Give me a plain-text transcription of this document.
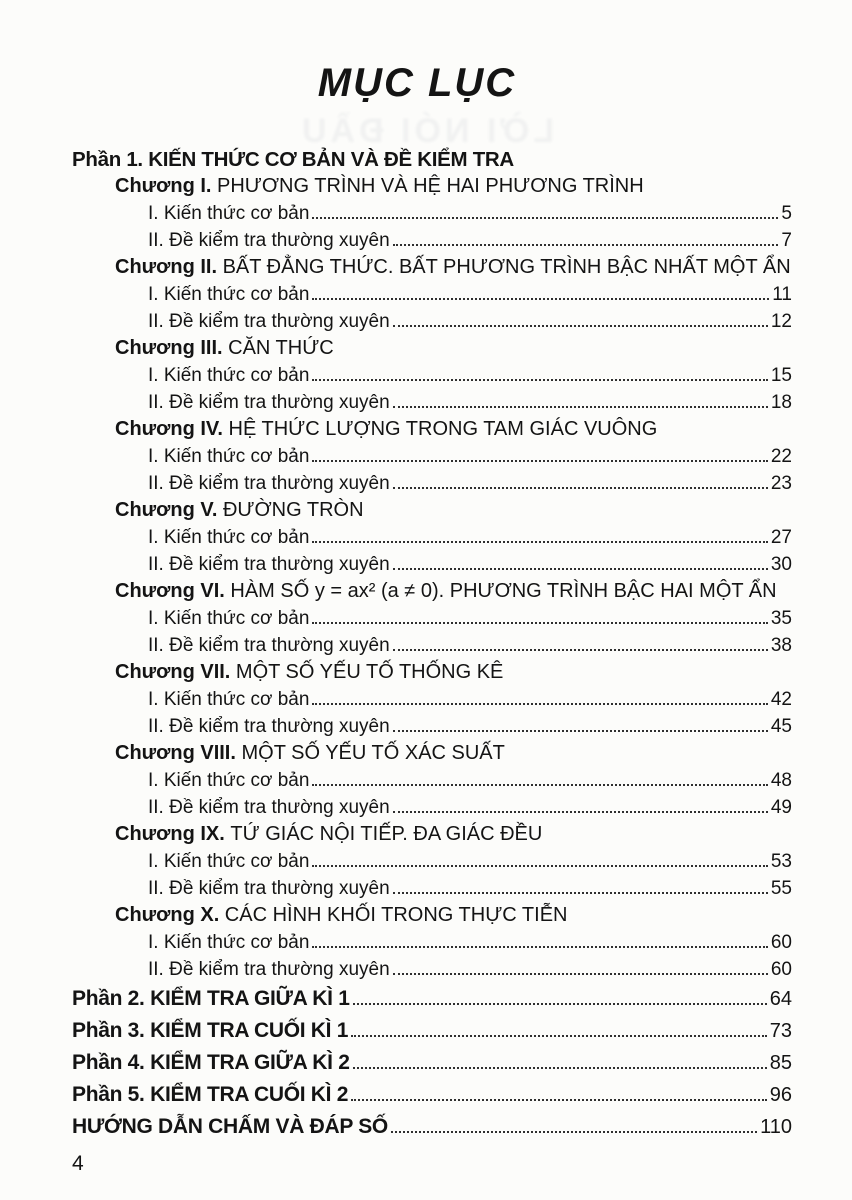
LỜI NÓI ĐẦU
MỤC LỤC
Phần 1. KIẾN THỨC CƠ BẢN VÀ ĐỀ KIỂM TRA
Chương I. PHƯƠNG TRÌNH VÀ HỆ HAI PHƯƠNG TRÌNH
I. Kiến thức cơ bản	5
II. Đề kiểm tra thường xuyên	7
Chương II. BẤT ĐẲNG THỨC. BẤT PHƯƠNG TRÌNH BẬC NHẤT MỘT ẨN
I. Kiến thức cơ bản	11
II. Đề kiểm tra thường xuyên	12
Chương III. CĂN THỨC
I. Kiến thức cơ bản	15
II. Đề kiểm tra thường xuyên	18
Chương IV. HỆ THỨC LƯỢNG TRONG TAM GIÁC VUÔNG
I. Kiến thức cơ bản	22
II. Đề kiểm tra thường xuyên	23
Chương V. ĐƯỜNG TRÒN
I. Kiến thức cơ bản	27
II. Đề kiểm tra thường xuyên	30
Chương VI. HÀM SỐ y = ax² (a ≠ 0). PHƯƠNG TRÌNH BẬC HAI MỘT ẨN
I. Kiến thức cơ bản	35
II. Đề kiểm tra thường xuyên	38
Chương VII. MỘT SỐ YẾU TỐ THỐNG KÊ
I. Kiến thức cơ bản	42
II. Đề kiểm tra thường xuyên	45
Chương VIII. MỘT SỐ YẾU TỐ XÁC SUẤT
I. Kiến thức cơ bản	48
II. Đề kiểm tra thường xuyên	49
Chương IX. TỨ GIÁC NỘI TIẾP. ĐA GIÁC ĐỀU
I. Kiến thức cơ bản	53
II. Đề kiểm tra thường xuyên	55
Chương X. CÁC HÌNH KHỐI TRONG THỰC TIỄN
I. Kiến thức cơ bản	60
II. Đề kiểm tra thường xuyên	60
Phần 2. KIỂM TRA GIỮA KÌ 1	64
Phần 3. KIỂM TRA CUỐI KÌ 1	73
Phần 4. KIỂM TRA GIỮA KÌ 2	85
Phần 5. KIỂM TRA CUỐI KÌ 2	96
HƯỚNG DẪN CHẤM VÀ ĐÁP SỐ	110
4
